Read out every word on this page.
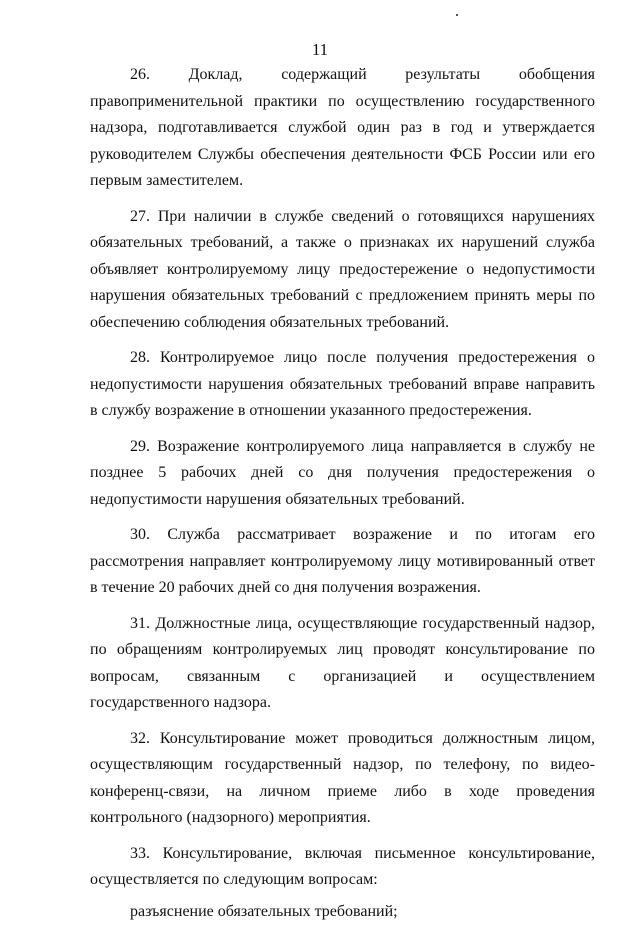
11

26. Доклад, содержащий результаты обобщения правоприменительной практики по осуществлению государственного надзора, подготавливается службой один раз в год и утверждается руководителем Службы обеспечения деятельности ФСБ России или его первым заместителем.

27. При наличии в службе сведений о готовящихся нарушениях обязательных требований, а также о признаках их нарушений служба объявляет контролируемому лицу предостережение о недопустимости нарушения обязательных требований с предложением принять меры по обеспечению соблюдения обязательных требований.

28. Контролируемое лицо после получения предостережения о недопустимости нарушения обязательных требований вправе направить в службу возражение в отношении указанного предостережения.

29. Возражение контролируемого лица направляется в службу не позднее 5 рабочих дней со дня получения предостережения о недопустимости нарушения обязательных требований.

30. Служба рассматривает возражение и по итогам его рассмотрения направляет контролируемому лицу мотивированный ответ в течение 20 рабочих дней со дня получения возражения.

31. Должностные лица, осуществляющие государственный надзор, по обращениям контролируемых лиц проводят консультирование по вопросам, связанным с организацией и осуществлением государственного надзора.

32. Консультирование может проводиться должностным лицом, осуществляющим государственный надзор, по телефону, по видео-конференц-связи, на личном приеме либо в ходе проведения контрольного (надзорного) мероприятия.

33. Консультирование, включая письменное консультирование, осуществляется по следующим вопросам:

разъяснение обязательных требований;
